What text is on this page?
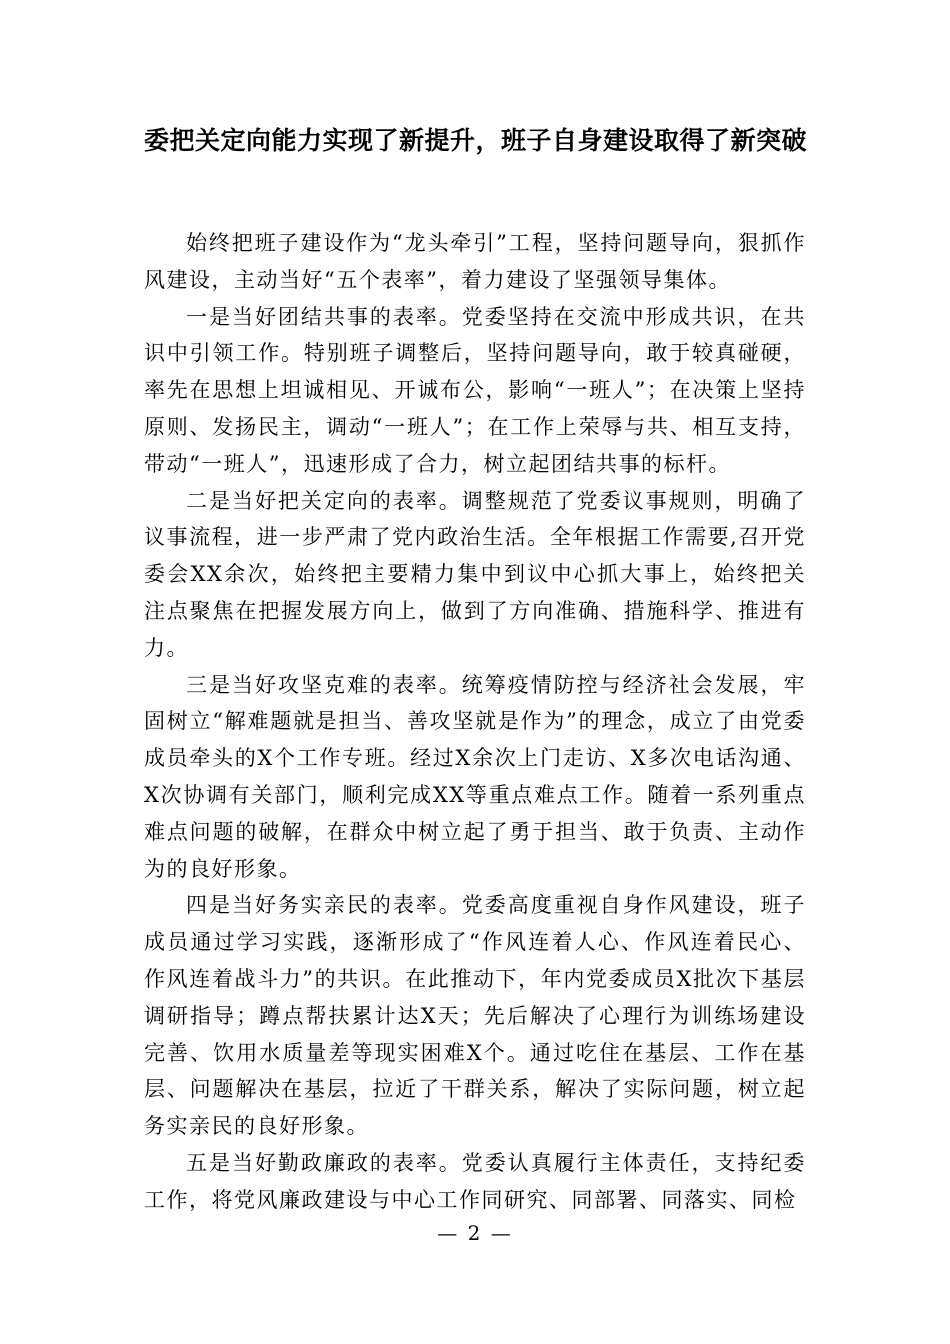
委把关定向能力实现了新提升，班子自身建设取得了新突破

始终把班子建设作为“龙头牵引”工程，坚持问题导向，狠抓作风建设，主动当好“五个表率”，着力建设了坚强领导集体。

一是当好团结共事的表率。党委坚持在交流中形成共识，在共识中引领工作。特别班子调整后，坚持问题导向，敢于较真碰硬，率先在思想上坦诚相见、开诚布公，影响“一班人”；在决策上坚持原则、发扬民主，调动“一班人”；在工作上荣辱与共、相互支持，带动“一班人”，迅速形成了合力，树立起团结共事的标杆。

二是当好把关定向的表率。调整规范了党委议事规则，明确了议事流程，进一步严肃了党内政治生活。全年根据工作需要,召开党委会XX余次，始终把主要精力集中到议中心抓大事上，始终把关注点聚焦在把握发展方向上，做到了方向准确、措施科学、推进有力。

三是当好攻坚克难的表率。统筹疫情防控与经济社会发展，牢固树立“解难题就是担当、善攻坚就是作为”的理念，成立了由党委成员牵头的X个工作专班。经过X余次上门走访、X多次电话沟通、X次协调有关部门，顺利完成XX等重点难点工作。随着一系列重点难点问题的破解，在群众中树立起了勇于担当、敢于负责、主动作为的良好形象。

四是当好务实亲民的表率。党委高度重视自身作风建设，班子成员通过学习实践，逐渐形成了“作风连着人心、作风连着民心、作风连着战斗力”的共识。在此推动下，年内党委成员X批次下基层调研指导；蹲点帮扶累计达X天；先后解决了心理行为训练场建设完善、饮用水质量差等现实困难X个。通过吃住在基层、工作在基层、问题解决在基层，拉近了干群关系，解决了实际问题，树立起务实亲民的良好形象。

五是当好勤政廉政的表率。党委认真履行主体责任，支持纪委工作，将党风廉政建设与中心工作同研究、同部署、同落实、同检

— 2 —
